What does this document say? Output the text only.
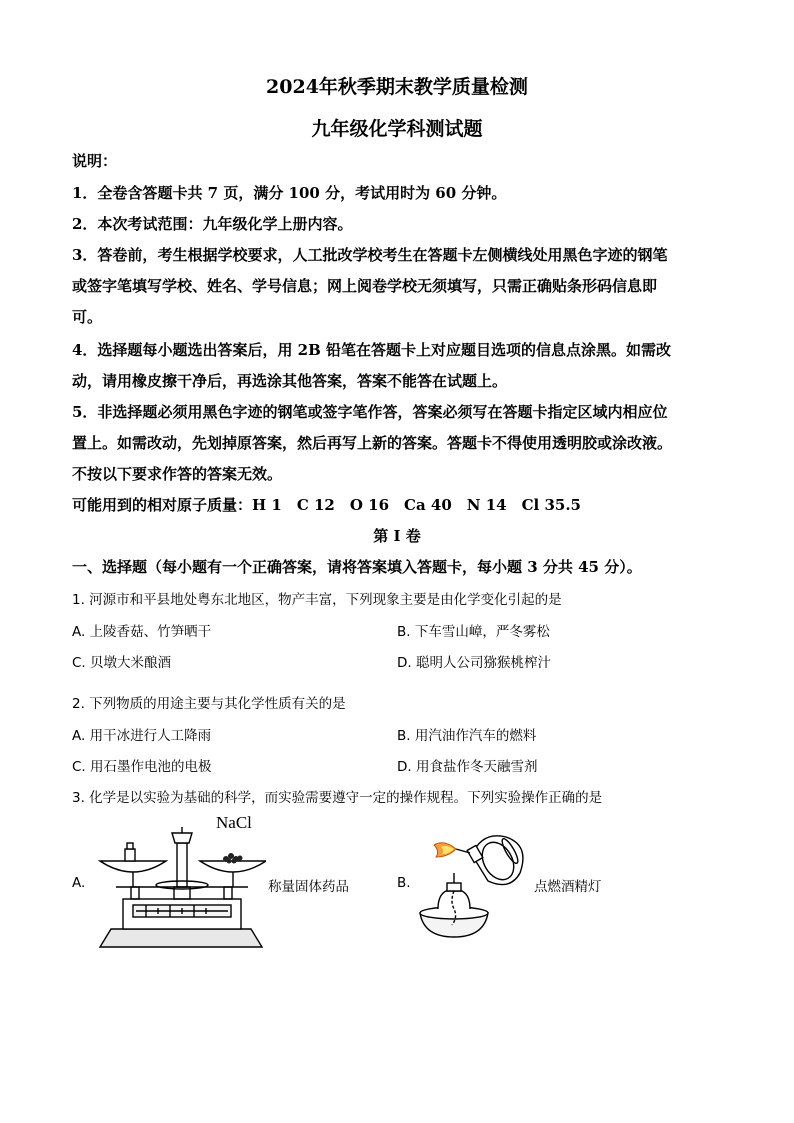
2024年秋季期末教学质量检测
九年级化学科测试题
说明：
1．全卷含答题卡共 7 页，满分 100 分，考试用时为 60 分钟。
2．本次考试范围：九年级化学上册内容。
3．答卷前，考生根据学校要求，人工批改学校考生在答题卡左侧横线处用黑色字迹的钢笔
或签字笔填写学校、姓名、学号信息；网上阅卷学校无须填写，只需正确贴条形码信息即
可。
4．选择题每小题选出答案后，用 2B 铅笔在答题卡上对应题目选项的信息点涂黑。如需改
动，请用橡皮擦干净后，再选涂其他答案，答案不能答在试题上。
5．非选择题必须用黑色字迹的钢笔或签字笔作答，答案必须写在答题卡指定区域内相应位
置上。如需改动，先划掉原答案，然后再写上新的答案。答题卡不得使用透明胶或涂改液。
不按以下要求作答的答案无效。
可能用到的相对原子质量：H 1　C 12　O 16　Ca 40　N 14　Cl 35.5
第 I 卷
一、选择题（每小题有一个正确答案，请将答案填入答题卡，每小题 3 分共 45 分）。
1. 河源市和平县地处粤东北地区，物产丰富，下列现象主要是由化学变化引起的是
A. 上陵香菇、竹笋晒干	B. 下车雪山嶂，严冬雾松
C. 贝墩大米酿酒	D. 聪明人公司猕猴桃榨汁
2. 下列物质的用途主要与其化学性质有关的是
A. 用干冰进行人工降雨	B. 用汽油作汽车的燃料
C. 用石墨作电池的电极	D. 用食盐作冬天融雪剂
3. 化学是以实验为基础的科学，而实验需要遵守一定的操作规程。下列实验操作正确的是
A.	B.
NaCl
称量固体药品	点燃酒精灯
